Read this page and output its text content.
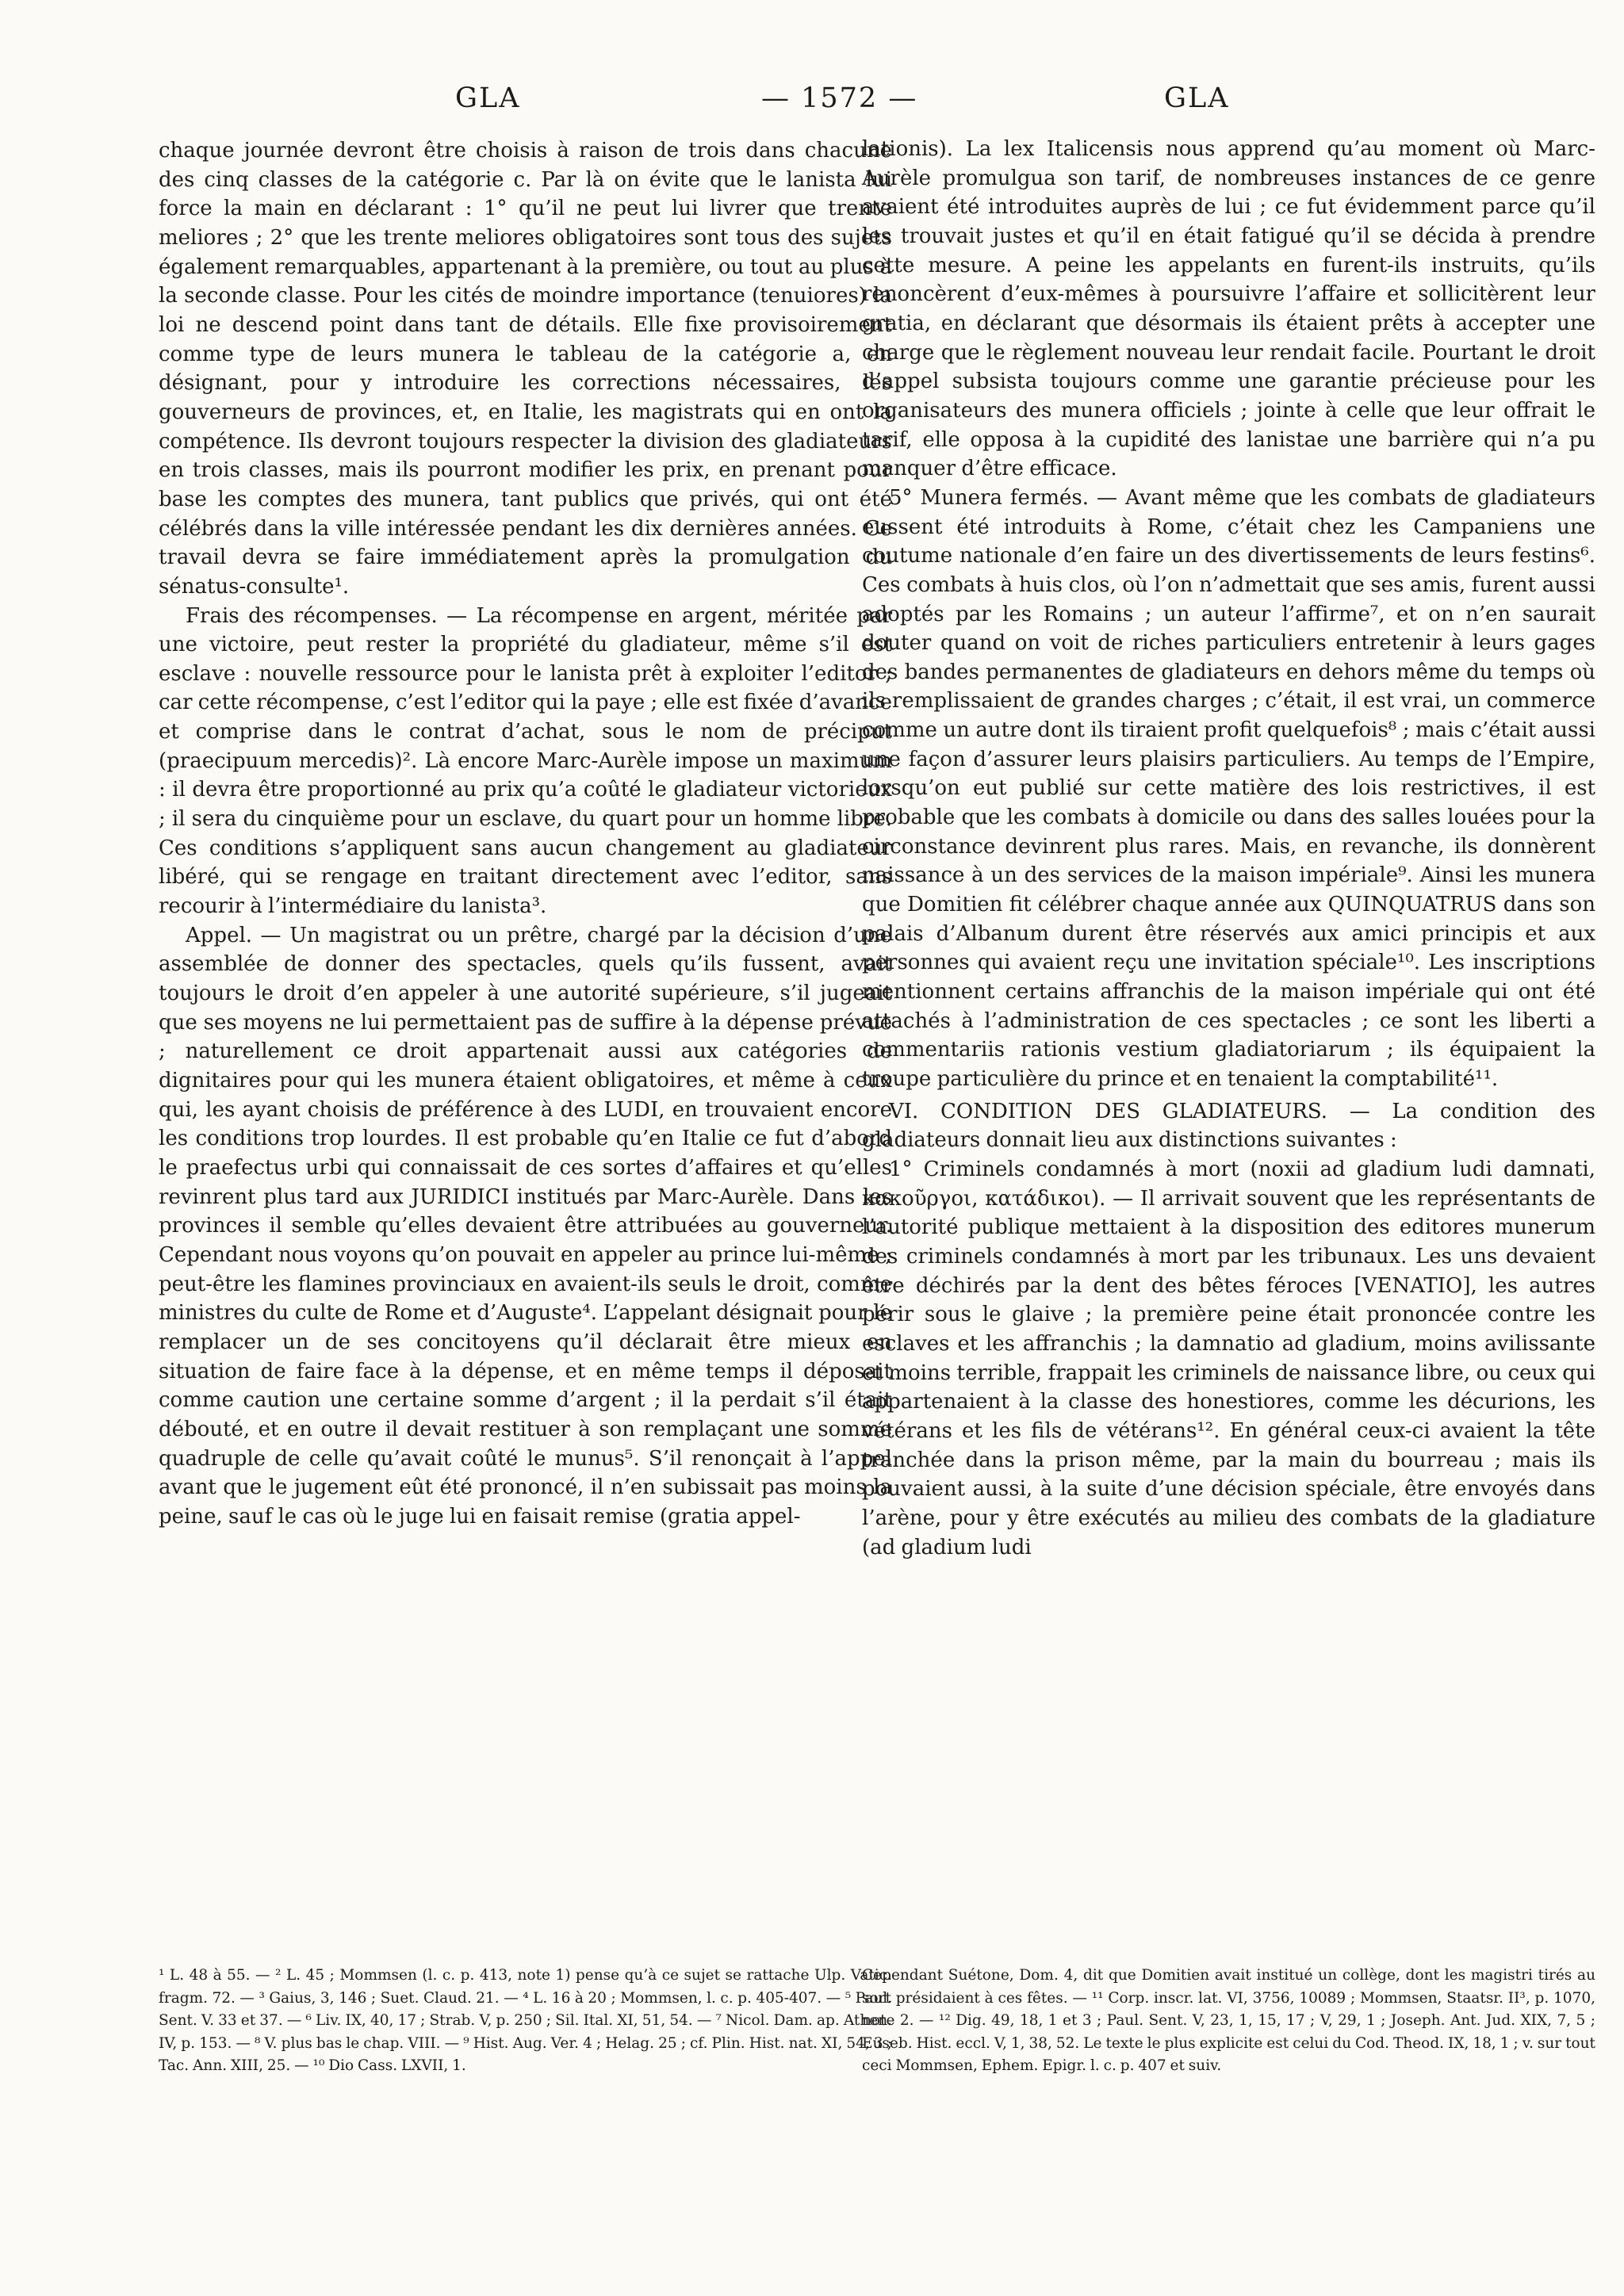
GLA	— 1572 —	GLA

chaque journée devront être choisis à raison de trois dans chacune des cinq classes de la catégorie c. Par là on évite que le lanista lui force la main en déclarant : 1° qu’il ne peut lui livrer que trente meliores ; 2° que les trente meliores obligatoires sont tous des sujets également remarquables, appartenant à la première, ou tout au plus à la seconde classe. Pour les cités de moindre importance (tenuiores) la loi ne descend point dans tant de détails. Elle fixe provisoirement comme type de leurs munera le tableau de la catégorie a, en désignant, pour y introduire les corrections nécessaires, les gouverneurs de provinces, et, en Italie, les magistrats qui en ont la compétence. Ils devront toujours respecter la division des gladiateurs en trois classes, mais ils pourront modifier les prix, en prenant pour base les comptes des munera, tant publics que privés, qui ont été célébrés dans la ville intéressée pendant les dix dernières années. Ce travail devra se faire immédiatement après la promulgation du sénatus-consulte¹.

Frais des récompenses. — La récompense en argent, méritée par une victoire, peut rester la propriété du gladiateur, même s’il est esclave : nouvelle ressource pour le lanista prêt à exploiter l’editor ; car cette récompense, c’est l’editor qui la paye ; elle est fixée d’avance et comprise dans le contrat d’achat, sous le nom de préciput (praecipuum mercedis)². Là encore Marc-Aurèle impose un maximum : il devra être proportionné au prix qu’a coûté le gladiateur victorieux ; il sera du cinquième pour un esclave, du quart pour un homme libre. Ces conditions s’appliquent sans aucun changement au gladiateur libéré, qui se rengage en traitant directement avec l’editor, sans recourir à l’intermédiaire du lanista³.

Appel. — Un magistrat ou un prêtre, chargé par la décision d’une assemblée de donner des spectacles, quels qu’ils fussent, avait toujours le droit d’en appeler à une autorité supérieure, s’il jugeait que ses moyens ne lui permettaient pas de suffire à la dépense prévue ; naturellement ce droit appartenait aussi aux catégories de dignitaires pour qui les munera étaient obligatoires, et même à ceux qui, les ayant choisis de préférence à des LUDI, en trouvaient encore les conditions trop lourdes. Il est probable qu’en Italie ce fut d’abord le praefectus urbi qui connaissait de ces sortes d’affaires et qu’elles revinrent plus tard aux JURIDICI institués par Marc-Aurèle. Dans les provinces il semble qu’elles devaient être attribuées au gouverneur. Cependant nous voyons qu’on pouvait en appeler au prince lui-même ; peut-être les flamines provinciaux en avaient-ils seuls le droit, comme ministres du culte de Rome et d’Auguste⁴. L’appelant désignait pour le remplacer un de ses concitoyens qu’il déclarait être mieux en situation de faire face à la dépense, et en même temps il déposait comme caution une certaine somme d’argent ; il la perdait s’il était débouté, et en outre il devait restituer à son remplaçant une somme quadruple de celle qu’avait coûté le munus⁵. S’il renonçait à l’appel avant que le jugement eût été prononcé, il n’en subissait pas moins la peine, sauf le cas où le juge lui en faisait remise (gratia appel-

lationis). La lex Italicensis nous apprend qu’au moment où Marc-Aurèle promulgua son tarif, de nombreuses instances de ce genre avaient été introduites auprès de lui ; ce fut évidemment parce qu’il les trouvait justes et qu’il en était fatigué qu’il se décida à prendre cette mesure. A peine les appelants en furent-ils instruits, qu’ils renoncèrent d’eux-mêmes à poursuivre l’affaire et sollicitèrent leur gratia, en déclarant que désormais ils étaient prêts à accepter une charge que le règlement nouveau leur rendait facile. Pourtant le droit d’appel subsista toujours comme une garantie précieuse pour les organisateurs des munera officiels ; jointe à celle que leur offrait le tarif, elle opposa à la cupidité des lanistae une barrière qui n’a pu manquer d’être efficace.

5° Munera fermés. — Avant même que les combats de gladiateurs eussent été introduits à Rome, c’était chez les Campaniens une coutume nationale d’en faire un des divertissements de leurs festins⁶. Ces combats à huis clos, où l’on n’admettait que ses amis, furent aussi adoptés par les Romains ; un auteur l’affirme⁷, et on n’en saurait douter quand on voit de riches particuliers entretenir à leurs gages des bandes permanentes de gladiateurs en dehors même du temps où ils remplissaient de grandes charges ; c’était, il est vrai, un commerce comme un autre dont ils tiraient profit quelquefois⁸ ; mais c’était aussi une façon d’assurer leurs plaisirs particuliers. Au temps de l’Empire, lorsqu’on eut publié sur cette matière des lois restrictives, il est probable que les combats à domicile ou dans des salles louées pour la circonstance devinrent plus rares. Mais, en revanche, ils donnèrent naissance à un des services de la maison impériale⁹. Ainsi les munera que Domitien fit célébrer chaque année aux QUINQUATRUS dans son palais d’Albanum durent être réservés aux amici principis et aux personnes qui avaient reçu une invitation spéciale¹⁰. Les inscriptions mentionnent certains affranchis de la maison impériale qui ont été attachés à l’administration de ces spectacles ; ce sont les liberti a commentariis rationis vestium gladiatoriarum ; ils équipaient la troupe particulière du prince et en tenaient la comptabilité¹¹.

VI. CONDITION DES GLADIATEURS. — La condition des gladiateurs donnait lieu aux distinctions suivantes :

1° Criminels condamnés à mort (noxii ad gladium ludi damnati, κακοῦργοι, κατάδικοι). — Il arrivait souvent que les représentants de l’autorité publique mettaient à la disposition des editores munerum des criminels condamnés à mort par les tribunaux. Les uns devaient être déchirés par la dent des bêtes féroces [VENATIO], les autres périr sous le glaive ; la première peine était prononcée contre les esclaves et les affranchis ; la damnatio ad gladium, moins avilissante et moins terrible, frappait les criminels de naissance libre, ou ceux qui appartenaient à la classe des honestiores, comme les décurions, les vétérans et les fils de vétérans¹². En général ceux-ci avaient la tête tranchée dans la prison même, par la main du bourreau ; mais ils pouvaient aussi, à la suite d’une décision spéciale, être envoyés dans l’arène, pour y être exécutés au milieu des combats de la gladiature (ad gladium ludi

¹ L. 48 à 55. — ² L. 45 ; Mommsen (l. c. p. 413, note 1) pense qu’à ce sujet se rattache Ulp. Vatic. fragm. 72. — ³ Gaius, 3, 146 ; Suet. Claud. 21. — ⁴ L. 16 à 20 ; Mommsen, l. c. p. 405-407. — ⁵ Paul. Sent. V. 33 et 37. — ⁶ Liv. IX, 40, 17 ; Strab. V, p. 250 ; Sil. Ital. XI, 51, 54. — ⁷ Nicol. Dam. ap. Athen. IV, p. 153. — ⁸ V. plus bas le chap. VIII. — ⁹ Hist. Aug. Ver. 4 ; Helag. 25 ; cf. Plin. Hist. nat. XI, 54, 3 ; Tac. Ann. XIII, 25. — ¹⁰ Dio Cass. LXVII, 1.

Cependant Suétone, Dom. 4, dit que Domitien avait institué un collège, dont les magistri tirés au sort présidaient à ces fêtes. — ¹¹ Corp. inscr. lat. VI, 3756, 10089 ; Mommsen, Staatsr. II³, p. 1070, note 2. — ¹² Dig. 49, 18, 1 et 3 ; Paul. Sent. V, 23, 1, 15, 17 ; V, 29, 1 ; Joseph. Ant. Jud. XIX, 7, 5 ; Euseb. Hist. eccl. V, 1, 38, 52. Le texte le plus explicite est celui du Cod. Theod. IX, 18, 1 ; v. sur tout ceci Mommsen, Ephem. Epigr. l. c. p. 407 et suiv.
